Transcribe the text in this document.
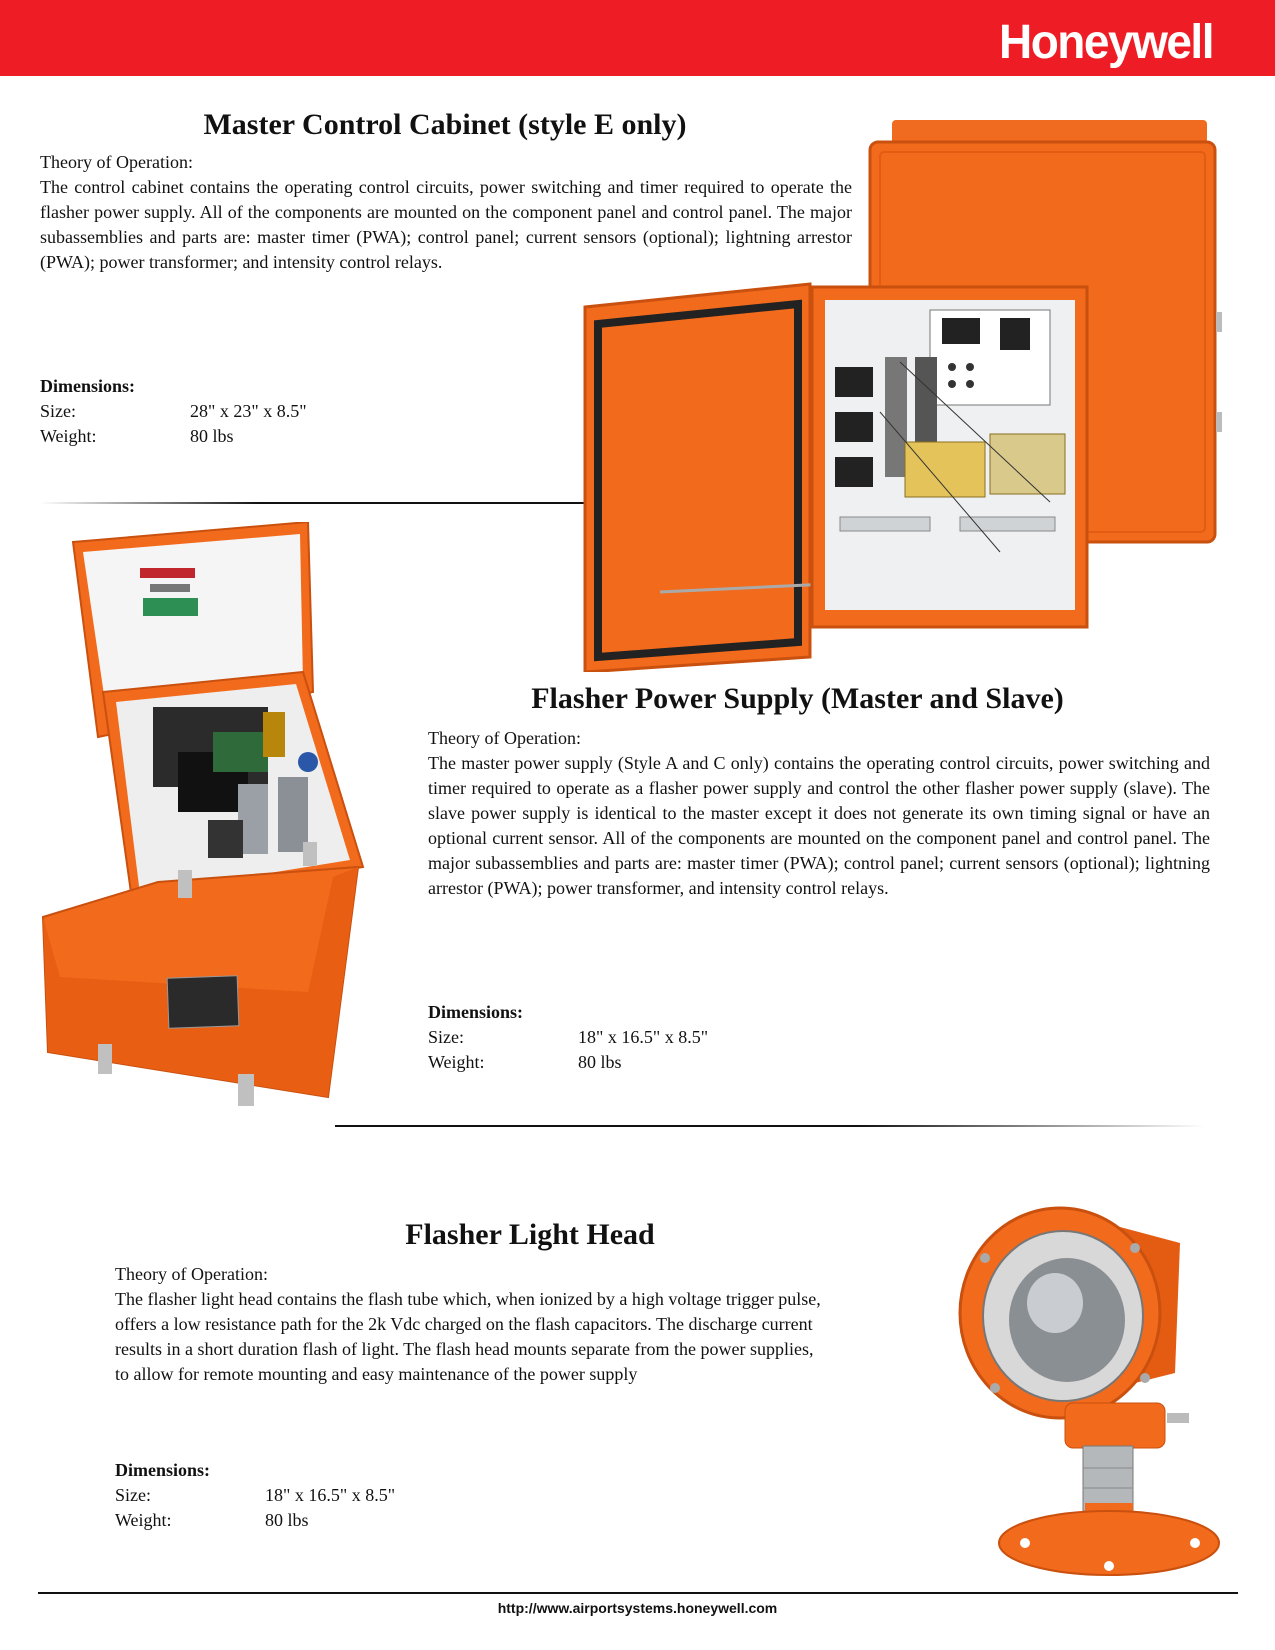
Honeywell
Master Control Cabinet (style E only)

Theory of Operation:

The control cabinet contains the operating control circuits, power switching and timer required to operate the flasher power supply. All of the components are mounted on the component panel and control panel. The major subassemblies and parts are: master timer (PWA); control panel; current sensors (optional); lightning arrestor (PWA); power transformer; and intensity control relays.

Dimensions:
Size:	28" x 23" x 8.5"
Weight:	80 lbs
Flasher Power Supply (Master and Slave)

Theory of Operation:

The master power supply (Style A and C only) contains the operating control circuits, power switching and timer required to operate as a flasher power supply and control the other flasher power supply (slave). The slave power supply is identical to the master except it does not generate its own timing signal or have an optional current sensor. All of the components are mounted on the component panel and control panel. The major subassemblies and parts are: master timer (PWA); control panel; current sensors (optional); lightning arrestor (PWA); power transformer, and intensity control relays.

Dimensions:
Size:	18" x 16.5" x 8.5"
Weight:	80 lbs
Flasher Light Head

Theory of Operation:

The flasher light head contains the flash tube which, when ionized by a high voltage trigger pulse,

offers a low resistance path for the 2k Vdc charged on the flash capacitors. The discharge current

results in a short duration flash of light. The flash head mounts separate from the power supplies,

to allow for remote mounting and easy maintenance of the power supply

Dimensions:
Size:	18" x 16.5" x 8.5"
Weight:	80 lbs
http://www.airportsystems.honeywell.com
